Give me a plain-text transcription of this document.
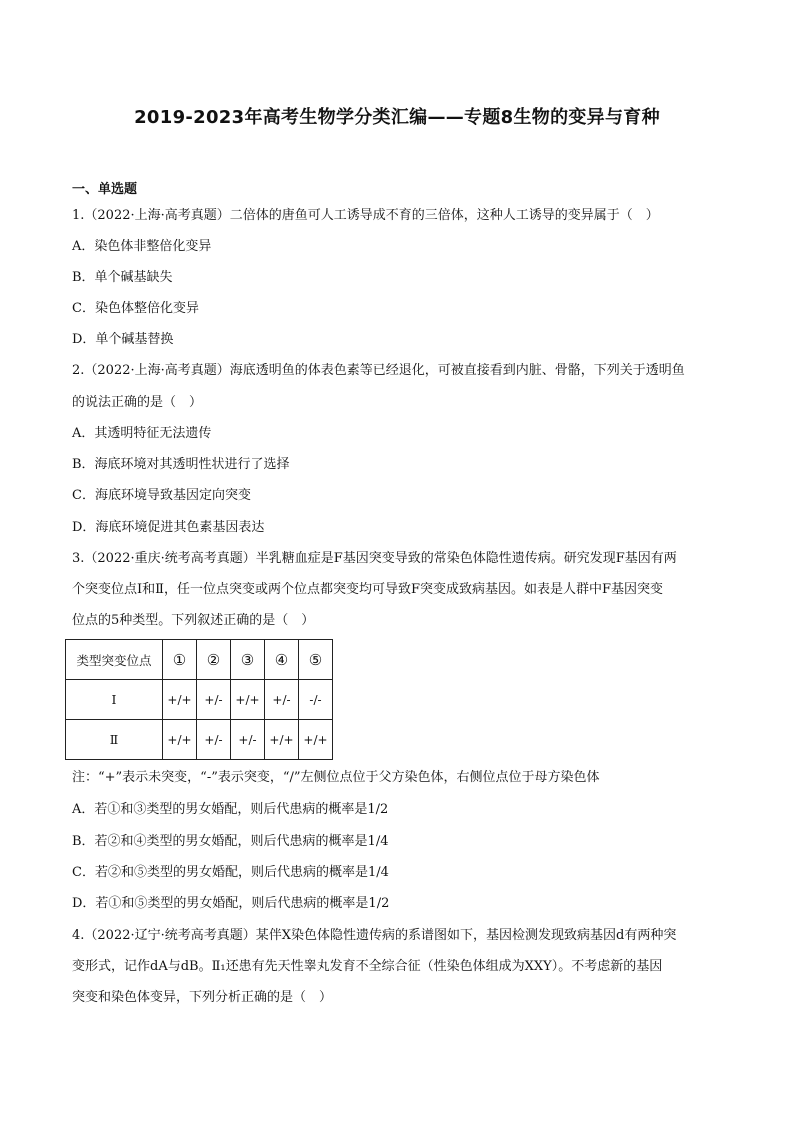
2019-2023年高考生物学分类汇编——专题8生物的变异与育种
一、单选题
1.（2022·上海·高考真题）二倍体的唐鱼可人工诱导成不育的三倍体，这种人工诱导的变异属于（　）
A．染色体非整倍化变异
B．单个碱基缺失
C．染色体整倍化变异
D．单个碱基替换
2.（2022·上海·高考真题）海底透明鱼的体表色素等已经退化，可被直接看到内脏、骨骼，下列关于透明鱼
的说法正确的是（　）
A．其透明特征无法遗传
B．海底环境对其透明性状进行了选择
C．海底环境导致基因定向突变
D．海底环境促进其色素基因表达
3.（2022·重庆·统考高考真题）半乳糖血症是F基因突变导致的常染色体隐性遗传病。研究发现F基因有两
个突变位点Ⅰ和Ⅱ，任一位点突变或两个位点都突变均可导致F突变成致病基因。如表是人群中F基因突变
位点的5种类型。下列叙述正确的是（　）
类型突变位点	①	②	③	④	⑤
Ⅰ	+/+	+/-	+/+	+/-	-/-
Ⅱ	+/+	+/-	+/-	+/+	+/+
注：“+”表示未突变，“-”表示突变，“/”左侧位点位于父方染色体，右侧位点位于母方染色体
A．若①和③类型的男女婚配，则后代患病的概率是1/2
B．若②和④类型的男女婚配，则后代患病的概率是1/4
C．若②和⑤类型的男女婚配，则后代患病的概率是1/4
D．若①和⑤类型的男女婚配，则后代患病的概率是1/2
4.（2022·辽宁·统考高考真题）某伴X染色体隐性遗传病的系谱图如下，基因检测发现致病基因d有两种突
变形式，记作dA与dB。Ⅱ₁还患有先天性睾丸发育不全综合征（性染色体组成为XXY）。不考虑新的基因
突变和染色体变异，下列分析正确的是（　）
